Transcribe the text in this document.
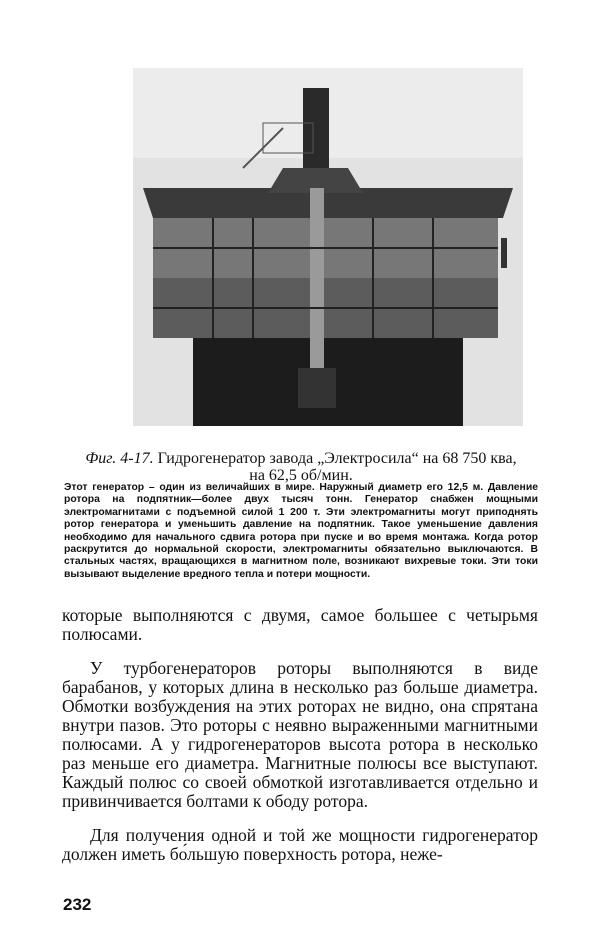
Фиг. 4-17. Гидрогенератор завода „Электросила“ на 68 750 ква,
на 62,5 об/мин.
Этот генератор – один из величайших в мире. Наружный диаметр его 12,5 м. Давление ротора на подпятник—более двух тысяч тонн. Генератор снабжен мощными электромагнитами с подъемной силой 1 200 т. Эти электромагниты могут приподнять ротор генератора и уменьшить давление на подпятник. Такое уменьшение давления необходимо для начального сдвига ротора при пуске и во время монтажа. Когда ротор раскрутится до нормальной скорости, электромагниты обязательно выключаются. В стальных частях, вращающихся в магнитном поле, возникают вихревые токи. Эти токи вызывают выделение вредного тепла и потери мощности.

которые выполняются с двумя, самое большее с четырьмя полюсами.

У турбогенераторов роторы выполняются в виде барабанов, у которых длина в несколько раз больше диаметра. Обмотки возбуждения на этих роторах не видно, она спрятана внутри пазов. Это роторы с неявно выраженными магнитными полюсами. А у гидрогенераторов высота ротора в несколько раз меньше его диаметра. Магнитные полюсы все выступают. Каждый полюс со своей обмоткой изготавливается отдельно и привинчивается болтами к ободу ротора.

Для получения одной и той же мощности гидрогенератор должен иметь бо́льшую поверхность ротора, неже-

232
